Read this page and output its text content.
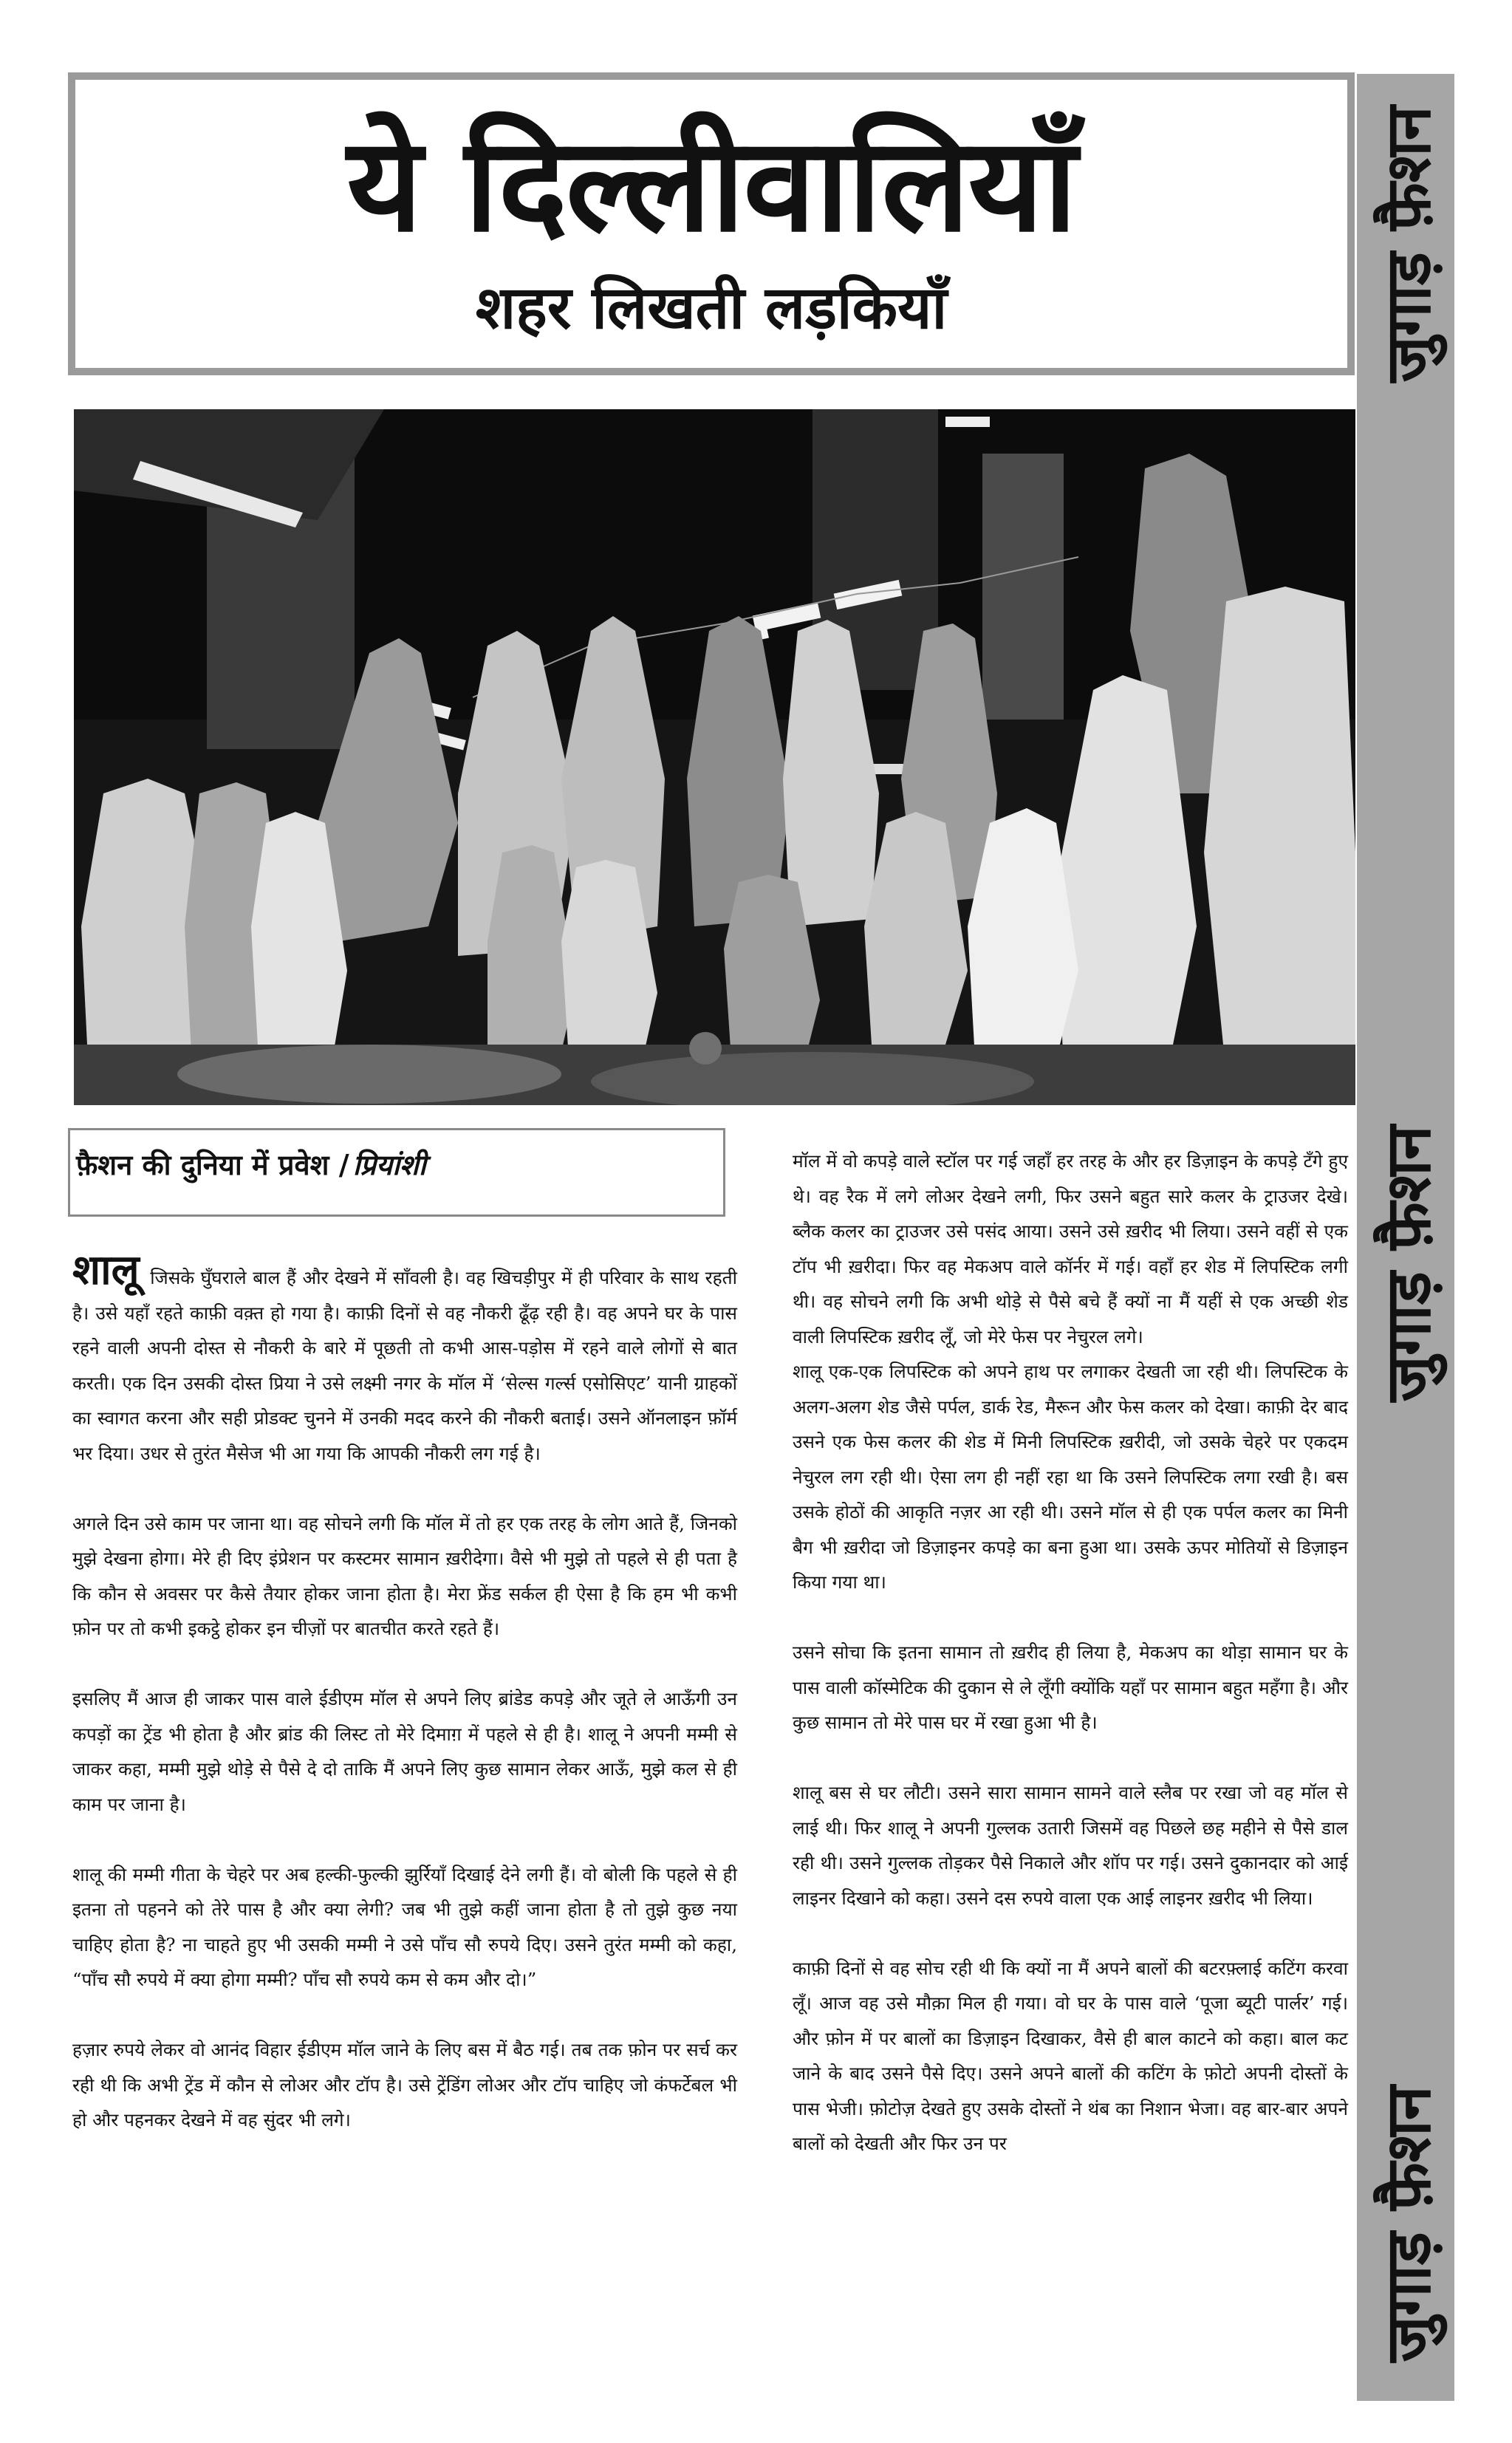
जुगाड़ फ़ैशन
जुगाड़ फ़ैशन
जुगाड़ फ़ैशन
ये दिल्लीवालियाँ
शहर लिखती लड़कियाँ
फ़ैशन की दुनिया में प्रवेश / प्रियांशी

शालू जिसके घुँघराले बाल हैं और देखने में साँवली है। वह खिचड़ीपुर में ही परिवार के साथ रहती है। उसे यहाँ रहते काफ़ी वक़्त हो गया है। काफ़ी दिनों से वह नौकरी ढूँढ़ रही है। वह अपने घर के पास रहने वाली अपनी दोस्त से नौकरी के बारे में पूछती तो कभी आस-पड़ोस में रहने वाले लोगों से बात करती। एक दिन उसकी दोस्त प्रिया ने उसे लक्ष्मी नगर के मॉल में ‘सेल्स गर्ल्स एसोसिएट’ यानी ग्राहकों का स्वागत करना और सही प्रोडक्ट चुनने में उनकी मदद करने की नौकरी बताई। उसने ऑनलाइन फ़ॉर्म भर दिया। उधर से तुरंत मैसेज भी आ गया कि आपकी नौकरी लग गई है।

अगले दिन उसे काम पर जाना था। वह सोचने लगी कि मॉल में तो हर एक तरह के लोग आते हैं, जिनको मुझे देखना होगा। मेरे ही दिए इंप्रेशन पर कस्टमर सामान ख़रीदेगा। वैसे भी मुझे तो पहले से ही पता है कि कौन से अवसर पर कैसे तैयार होकर जाना होता है। मेरा फ्रेंड सर्कल ही ऐसा है कि हम भी कभी फ़ोन पर तो कभी इकट्ठे होकर इन चीज़ों पर बातचीत करते रहते हैं।

इसलिए मैं आज ही जाकर पास वाले ईडीएम मॉल से अपने लिए ब्रांडेड कपड़े और जूते ले आऊँगी उन कपड़ों का ट्रेंड भी होता है और ब्रांड की लिस्ट तो मेरे दिमाग़ में पहले से ही है। शालू ने अपनी मम्मी से जाकर कहा, मम्मी मुझे थोड़े से पैसे दे दो ताकि मैं अपने लिए कुछ सामान लेकर आऊँ, मुझे कल से ही काम पर जाना है।

शालू की मम्मी गीता के चेहरे पर अब हल्की-फुल्की झुर्रियाँ दिखाई देने लगी हैं। वो बोली कि पहले से ही इतना तो पहनने को तेरे पास है और क्या लेगी? जब भी तुझे कहीं जाना होता है तो तुझे कुछ नया चाहिए होता है? ना चाहते हुए भी उसकी मम्मी ने उसे पाँच सौ रुपये दिए। उसने तुरंत मम्मी को कहा, “पाँच सौ रुपये में क्या होगा मम्मी? पाँच सौ रुपये कम से कम और दो।”

हज़ार रुपये लेकर वो आनंद विहार ईडीएम मॉल जाने के लिए बस में बैठ गई। तब तक फ़ोन पर सर्च कर रही थी कि अभी ट्रेंड में कौन से लोअर और टॉप है। उसे ट्रेंडिंग लोअर और टॉप चाहिए जो कंफर्टेबल भी हो और पहनकर देखने में वह सुंदर भी लगे।

मॉल में वो कपड़े वाले स्टॉल पर गई जहाँ हर तरह के और हर डिज़ाइन के कपड़े टँगे हुए थे। वह रैक में लगे लोअर देखने लगी, फिर उसने बहुत सारे कलर के ट्राउजर देखे। ब्लैक कलर का ट्राउजर उसे पसंद आया। उसने उसे ख़रीद भी लिया। उसने वहीं से एक टॉप भी ख़रीदा। फिर वह मेकअप वाले कॉर्नर में गई। वहाँ हर शेड में लिपस्टिक लगी थी। वह सोचने लगी कि अभी थोड़े से पैसे बचे हैं क्यों ना मैं यहीं से एक अच्छी शेड वाली लिपस्टिक ख़रीद लूँ, जो मेरे फेस पर नेचुरल लगे।

शालू एक-एक लिपस्टिक को अपने हाथ पर लगाकर देखती जा रही थी। लिपस्टिक के अलग-अलग शेड जैसे पर्पल, डार्क रेड, मैरून और फेस कलर को देखा। काफ़ी देर बाद उसने एक फेस कलर की शेड में मिनी लिपस्टिक ख़रीदी, जो उसके चेहरे पर एकदम नेचुरल लग रही थी। ऐसा लग ही नहीं रहा था कि उसने लिपस्टिक लगा रखी है। बस उसके होठों की आकृति नज़र आ रही थी। उसने मॉल से ही एक पर्पल कलर का मिनी बैग भी ख़रीदा जो डिज़ाइनर कपड़े का बना हुआ था। उसके ऊपर मोतियों से डिज़ाइन किया गया था।

उसने सोचा कि इतना सामान तो ख़रीद ही लिया है, मेकअप का थोड़ा सामान घर के पास वाली कॉस्मेटिक की दुकान से ले लूँगी क्योंकि यहाँ पर सामान बहुत महँगा है। और कुछ सामान तो मेरे पास घर में रखा हुआ भी है।

शालू बस से घर लौटी। उसने सारा सामान सामने वाले स्लैब पर रखा जो वह मॉल से लाई थी। फिर शालू ने अपनी गुल्लक उतारी जिसमें वह पिछले छह महीने से पैसे डाल रही थी। उसने गुल्लक तोड़कर पैसे निकाले और शॉप पर गई। उसने दुकानदार को आई लाइनर दिखाने को कहा। उसने दस रुपये वाला एक आई लाइनर ख़रीद भी लिया।

काफ़ी दिनों से वह सोच रही थी कि क्यों ना मैं अपने बालों की बटरफ़्लाई कटिंग करवा लूँ। आज वह उसे मौक़ा मिल ही गया। वो घर के पास वाले ‘पूजा ब्यूटी पार्लर’ गई। और फ़ोन में पर बालों का डिज़ाइन दिखाकर, वैसे ही बाल काटने को कहा। बाल कट जाने के बाद उसने पैसे दिए। उसने अपने बालों की कटिंग के फ़ोटो अपनी दोस्तों के पास भेजी। फ़ोटोज़ देखते हुए उसके दोस्तों ने थंब का निशान भेजा। वह बार-बार अपने बालों को देखती और फिर उन पर
